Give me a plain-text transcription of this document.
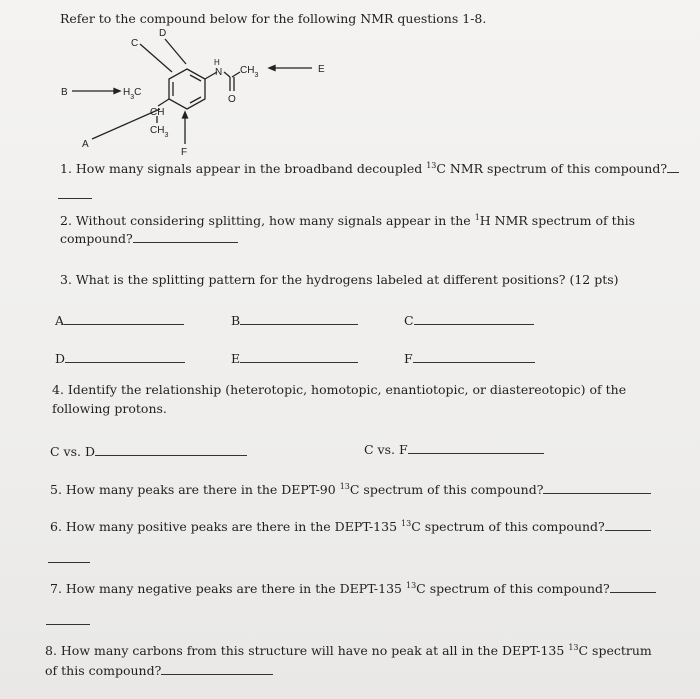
Refer to the compound below for the following NMR questions 1-8.
C
D
E
B
A
F
$H_3C$
CH
$CH_3$
H
N $CH_3$
O
1. How many signals appear in the broadband decoupled $^{13}$C NMR spectrum of this compound?
2. Without considering splitting, how many signals appear in the $^1$H NMR spectrum of this
compound?
3. What is the splitting pattern for the hydrogens labeled at different positions? (12 pts)
A	B	C
D	E	F
4. Identify the relationship (heterotopic, homotopic, enantiotopic, or diastereotopic) of the
following protons.
C vs. D	C vs. F
5. How many peaks are there in the DEPT-90 $^{13}$C spectrum of this compound?
6. How many positive peaks are there in the DEPT-135 $^{13}$C spectrum of this compound?
7. How many negative peaks are there in the DEPT-135 $^{13}$C spectrum of this compound?
8. How many carbons from this structure will have no peak at all in the DEPT-135 $^{13}$C spectrum
of this compound?
